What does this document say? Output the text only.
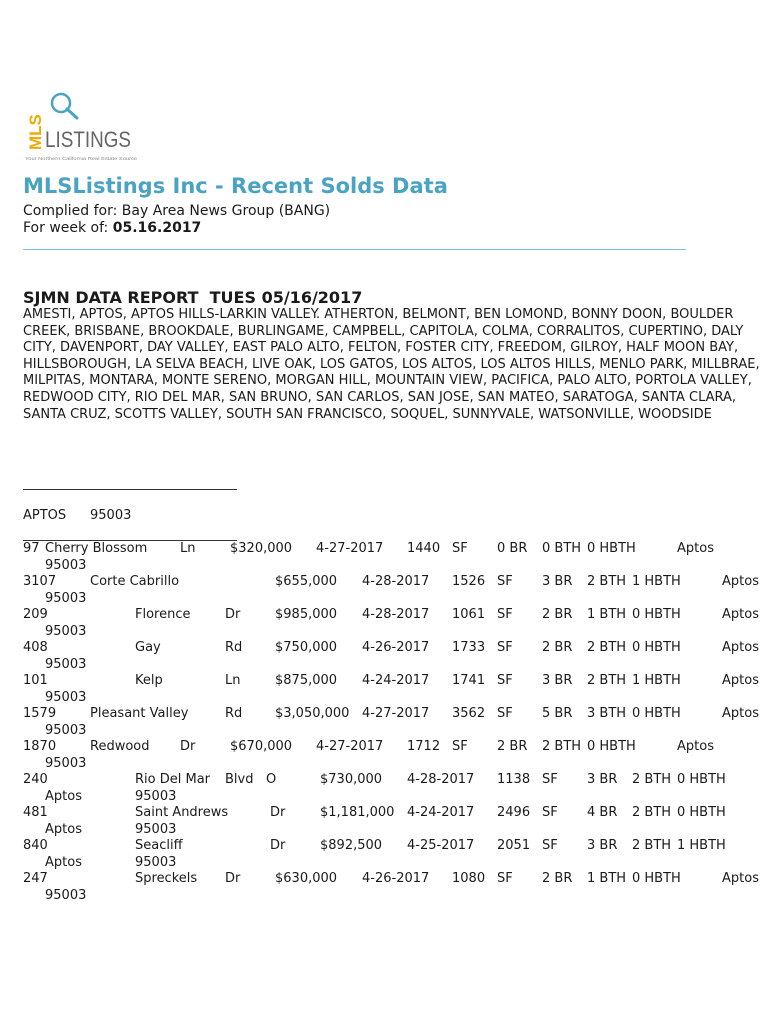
MLS LISTINGS
Your Northern California Real Estate Source
MLSListings Inc - Recent Solds Data
Complied for: Bay Area News Group (BANG)
For week of: 05.16.2017
SJMN DATA REPORT  TUES 05/16/2017
AMESTI, APTOS, APTOS HILLS-LARKIN VALLEY. ATHERTON, BELMONT, BEN LOMOND, BONNY DOON, BOULDER CREEK, BRISBANE, BROOKDALE, BURLINGAME, CAMPBELL, CAPITOLA, COLMA, CORRALITOS, CUPERTINO, DALY CITY, DAVENPORT, DAY VALLEY, EAST PALO ALTO, FELTON, FOSTER CITY, FREEDOM, GILROY, HALF MOON BAY, HILLSBOROUGH, LA SELVA BEACH, LIVE OAK, LOS GATOS, LOS ALTOS, LOS ALTOS HILLS, MENLO PARK, MILLBRAE, MILPITAS, MONTARA, MONTE SERENO, MORGAN HILL, MOUNTAIN VIEW, PACIFICA, PALO ALTO, PORTOLA VALLEY, REDWOOD CITY, RIO DEL MAR, SAN BRUNO, SAN CARLOS, SAN JOSE, SAN MATEO, SARATOGA, SANTA CLARA, SANTA CRUZ, SCOTTS VALLEY, SOUTH SAN FRANCISCO, SOQUEL, SUNNYVALE, WATSONVILLE, WOODSIDE
APTOS 95003
97 Cherry Blossom	Ln	$320,000 4-27-2017 1440 SF 0 BR 0 BTH 0 HBTH	Aptos
95003
3107	Corte Cabrillo	$655,000 4-28-2017 1526 SF 3 BR 2 BTH 1 HBTH	Aptos
95003
209	Florence	Dr	$985,000 4-28-2017 1061 SF 2 BR 1 BTH 0 HBTH	Aptos
95003
408	Gay	Rd	$750,000 4-26-2017 1733 SF 2 BR 2 BTH 0 HBTH	Aptos
95003
101	Kelp	Ln	$875,000 4-24-2017 1741 SF 3 BR 2 BTH 1 HBTH	Aptos
95003
1579	Pleasant Valley	Rd	$3,050,000 4-27-2017 3562 SF 5 BR 3 BTH 0 HBTH	Aptos
95003
1870	Redwood Dr	$670,000 4-27-2017 1712 SF 2 BR 2 BTH 0 HBTH	Aptos
95003
240	Rio Del Mar Blvd O	$730,000 4-28-2017 1138 SF 3 BR 2 BTH 0 HBTH
Aptos	95003
481	Saint Andrews	Dr	$1,181,000 4-24-2017 2496 SF 4 BR 2 BTH 0 HBTH
Aptos	95003
840	Seacliff	Dr	$892,500 4-25-2017 2051 SF 3 BR 2 BTH 1 HBTH
Aptos	95003
247	Spreckels Dr	$630,000 4-26-2017 1080 SF 2 BR 1 BTH 0 HBTH	Aptos
95003
